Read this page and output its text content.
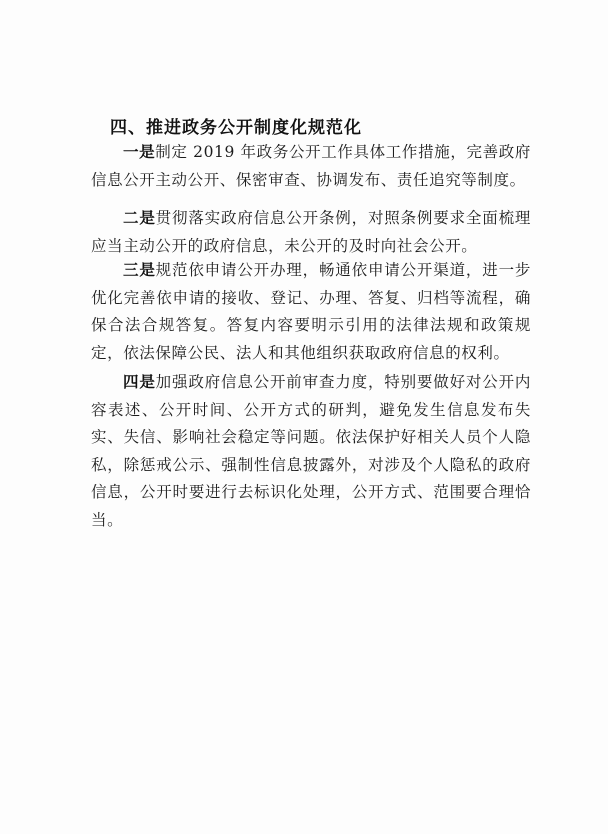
四、推进政务公开制度化规范化

一是制定 2019 年政务公开工作具体工作措施，完善政府信息公开主动公开、保密审查、协调发布、责任追究等制度。

二是贯彻落实政府信息公开条例，对照条例要求全面梳理应当主动公开的政府信息，未公开的及时向社会公开。

三是规范依申请公开办理，畅通依申请公开渠道，进一步优化完善依申请的接收、登记、办理、答复、归档等流程，确保合法合规答复。答复内容要明示引用的法律法规和政策规定，依法保障公民、法人和其他组织获取政府信息的权利。

四是加强政府信息公开前审查力度，特别要做好对公开内容表述、公开时间、公开方式的研判，避免发生信息发布失实、失信、影响社会稳定等问题。依法保护好相关人员个人隐私，除惩戒公示、强制性信息披露外，对涉及个人隐私的政府信息，公开时要进行去标识化处理，公开方式、范围要合理恰当。
